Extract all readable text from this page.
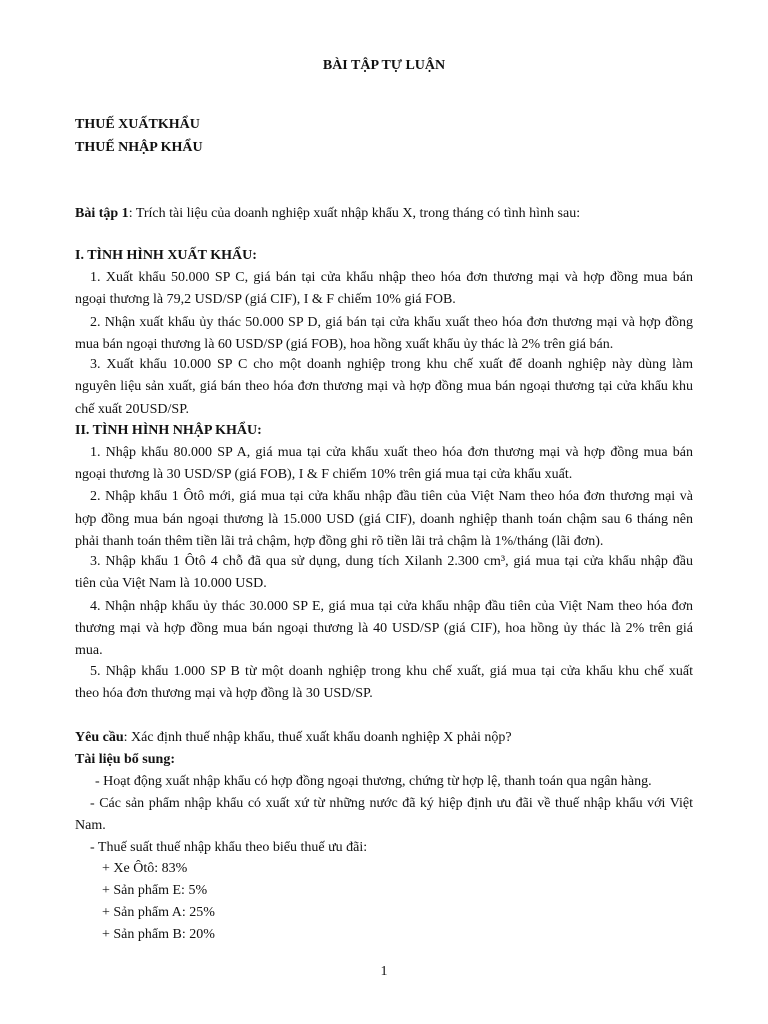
BÀI TẬP TỰ LUẬN
THUẾ XUẤTKHẨU
THUẾ NHẬP KHẨU
Bài tập 1: Trích tài liệu của doanh nghiệp xuất nhập khẩu X, trong tháng có tình hình sau:
I. TÌNH HÌNH XUẤT KHẨU:
1. Xuất khẩu 50.000 SP C, giá bán tại cửa khẩu nhập theo hóa đơn thương mại và hợp đồng mua bán
ngoại thương là 79,2 USD/SP (giá CIF), I & F chiếm 10% giá FOB.
2. Nhận xuất khẩu ủy thác 50.000 SP D, giá bán tại cửa khẩu xuất theo hóa đơn thương mại và hợp đồng
mua bán ngoại thương là 60 USD/SP (giá FOB), hoa hồng xuất khẩu ủy thác là 2% trên giá bán.
3. Xuất khẩu 10.000 SP C cho một doanh nghiệp trong khu chế xuất để doanh nghiệp này dùng làm
nguyên liệu sản xuất, giá bán theo hóa đơn thương mại và hợp đồng mua bán ngoại thương tại cửa khẩu khu
chế xuất 20USD/SP.
II. TÌNH HÌNH NHẬP KHẨU:
1. Nhập khẩu 80.000 SP A, giá mua tại cửa khẩu xuất theo hóa đơn thương mại và hợp đồng mua bán
ngoại thương là 30 USD/SP (giá FOB), I & F chiếm 10% trên giá mua tại cửa khẩu xuất.
2. Nhập khẩu 1 Ôtô mới, giá mua tại cửa khẩu nhập đầu tiên của Việt Nam theo hóa đơn thương mại và
hợp đồng mua bán ngoại thương là 15.000 USD (giá CIF), doanh nghiệp thanh toán chậm sau 6 tháng nên
phải thanh toán thêm tiền lãi trả chậm, hợp đồng ghi rõ tiền lãi trả chậm là 1%/tháng (lãi đơn).
3. Nhập khẩu 1 Ôtô 4 chỗ đã qua sử dụng, dung tích Xilanh 2.300 cm³, giá mua tại cửa khẩu nhập đầu
tiên của Việt Nam là 10.000 USD.
4. Nhận nhập khẩu ủy thác 30.000 SP E, giá mua tại cửa khẩu nhập đầu tiên của Việt Nam theo hóa đơn
thương mại và hợp đồng mua bán ngoại thương là 40 USD/SP (giá CIF), hoa hồng ủy thác là 2% trên giá
mua.
5. Nhập khẩu 1.000 SP B từ một doanh nghiệp trong khu chế xuất, giá mua tại cửa khẩu khu chế xuất
theo hóa đơn thương mại và hợp đồng là 30 USD/SP.
Yêu cầu: Xác định thuế nhập khẩu, thuế xuất khẩu doanh nghiệp X phải nộp?
Tài liệu bổ sung:
- Hoạt động xuất nhập khẩu có hợp đồng ngoại thương, chứng từ hợp lệ, thanh toán qua ngân hàng.
- Các sản phẩm nhập khẩu có xuất xứ từ những nước đã ký hiệp định ưu đãi về thuế nhập khẩu với Việt
Nam.
- Thuế suất thuế nhập khẩu theo biểu thuế ưu đãi:
+ Xe Ôtô: 83%
+ Sản phẩm E: 5%
+ Sản phẩm A: 25%
+ Sản phẩm B: 20%
1
